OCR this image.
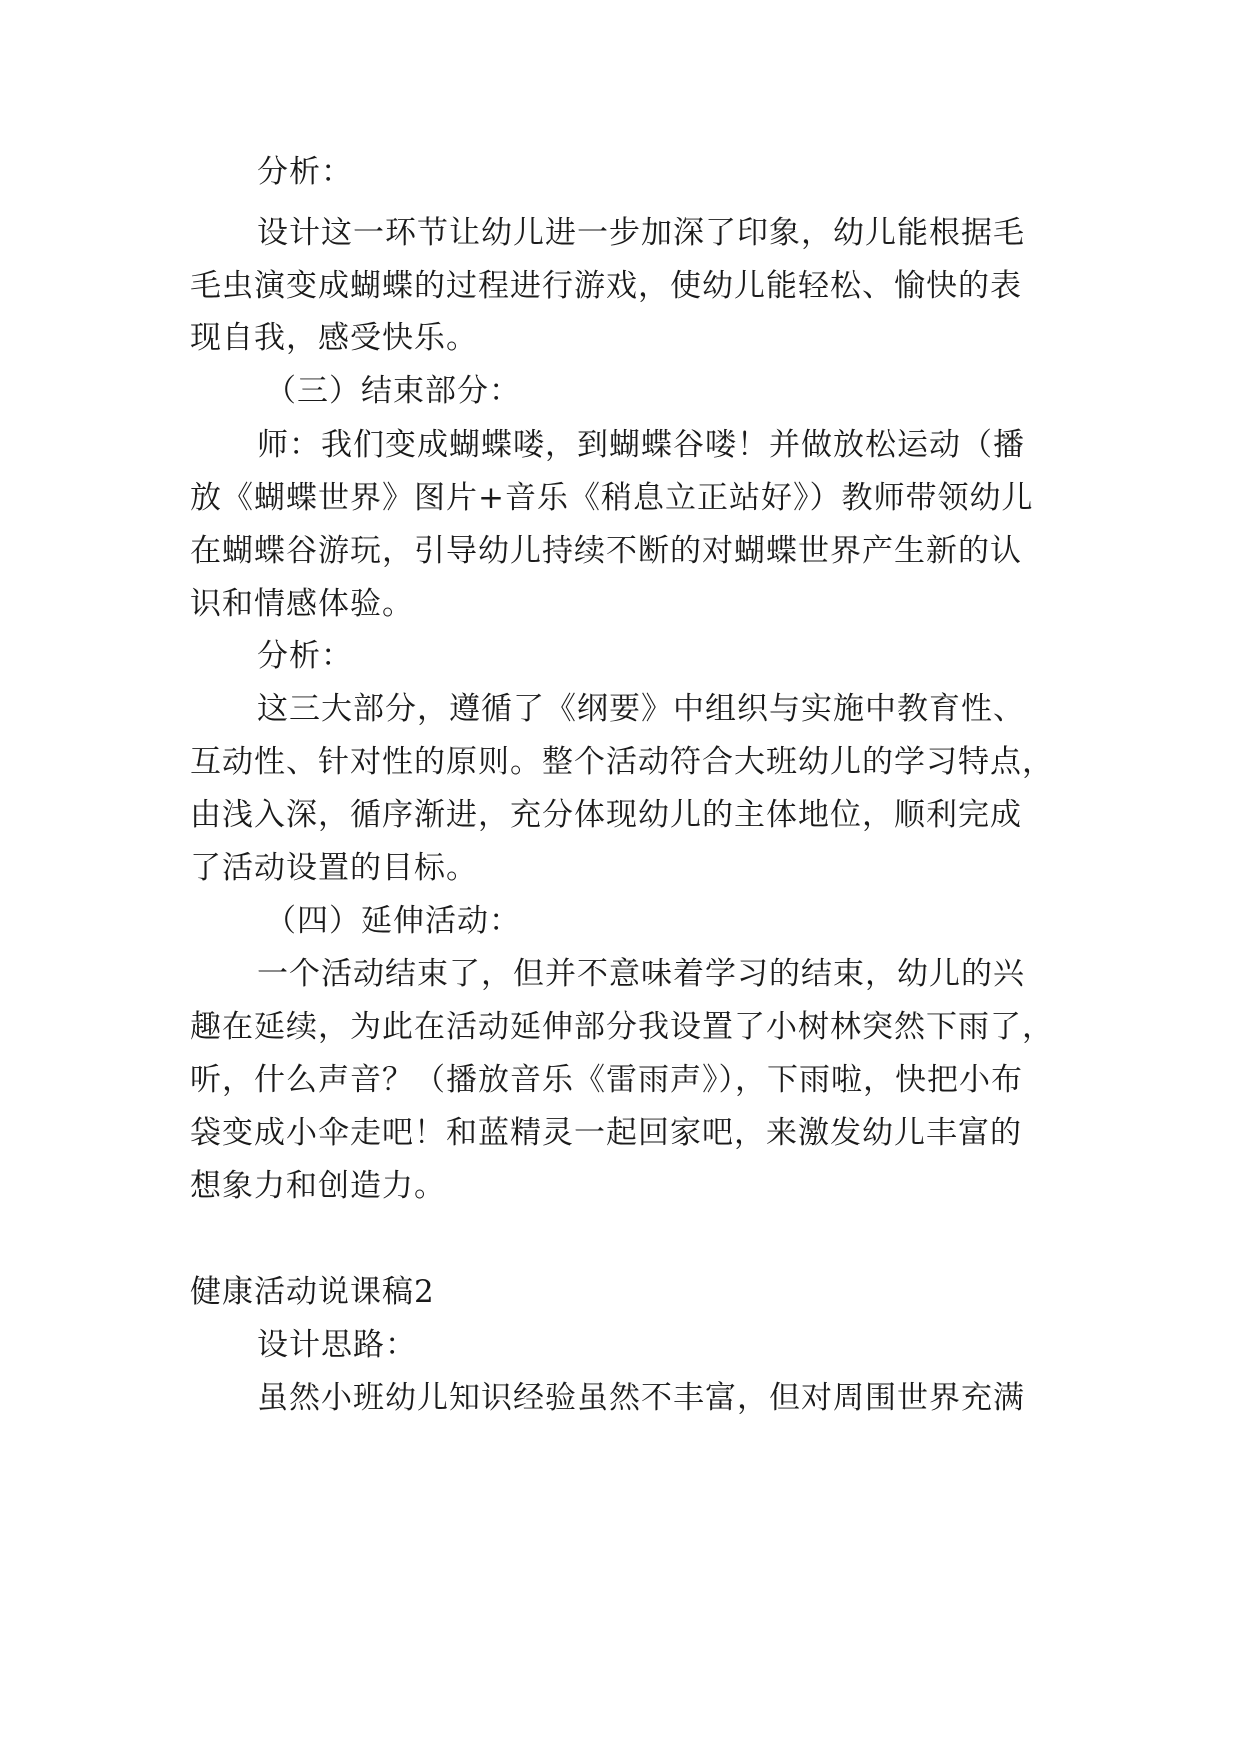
分析：
设计这一环节让幼儿进一步加深了印象，幼儿能根据毛
毛虫演变成蝴蝶的过程进行游戏，使幼儿能轻松、愉快的表
现自我，感受快乐。
（三）结束部分：
师：我们变成蝴蝶喽，到蝴蝶谷喽！并做放松运动（播
放《蝴蝶世界》图片+音乐《稍息立正站好》）教师带领幼儿
在蝴蝶谷游玩，引导幼儿持续不断的对蝴蝶世界产生新的认
识和情感体验。
分析：
这三大部分，遵循了《纲要》中组织与实施中教育性、
互动性、针对性的原则。整个活动符合大班幼儿的学习特点，
由浅入深，循序渐进，充分体现幼儿的主体地位，顺利完成
了活动设置的目标。
（四）延伸活动：
一个活动结束了，但并不意味着学习的结束，幼儿的兴
趣在延续，为此在活动延伸部分我设置了小树林突然下雨了，
听，什么声音？（播放音乐《雷雨声》），下雨啦，快把小布
袋变成小伞走吧！和蓝精灵一起回家吧，来激发幼儿丰富的
想象力和创造力。
健康活动说课稿2
设计思路：
虽然小班幼儿知识经验虽然不丰富，但对周围世界充满
